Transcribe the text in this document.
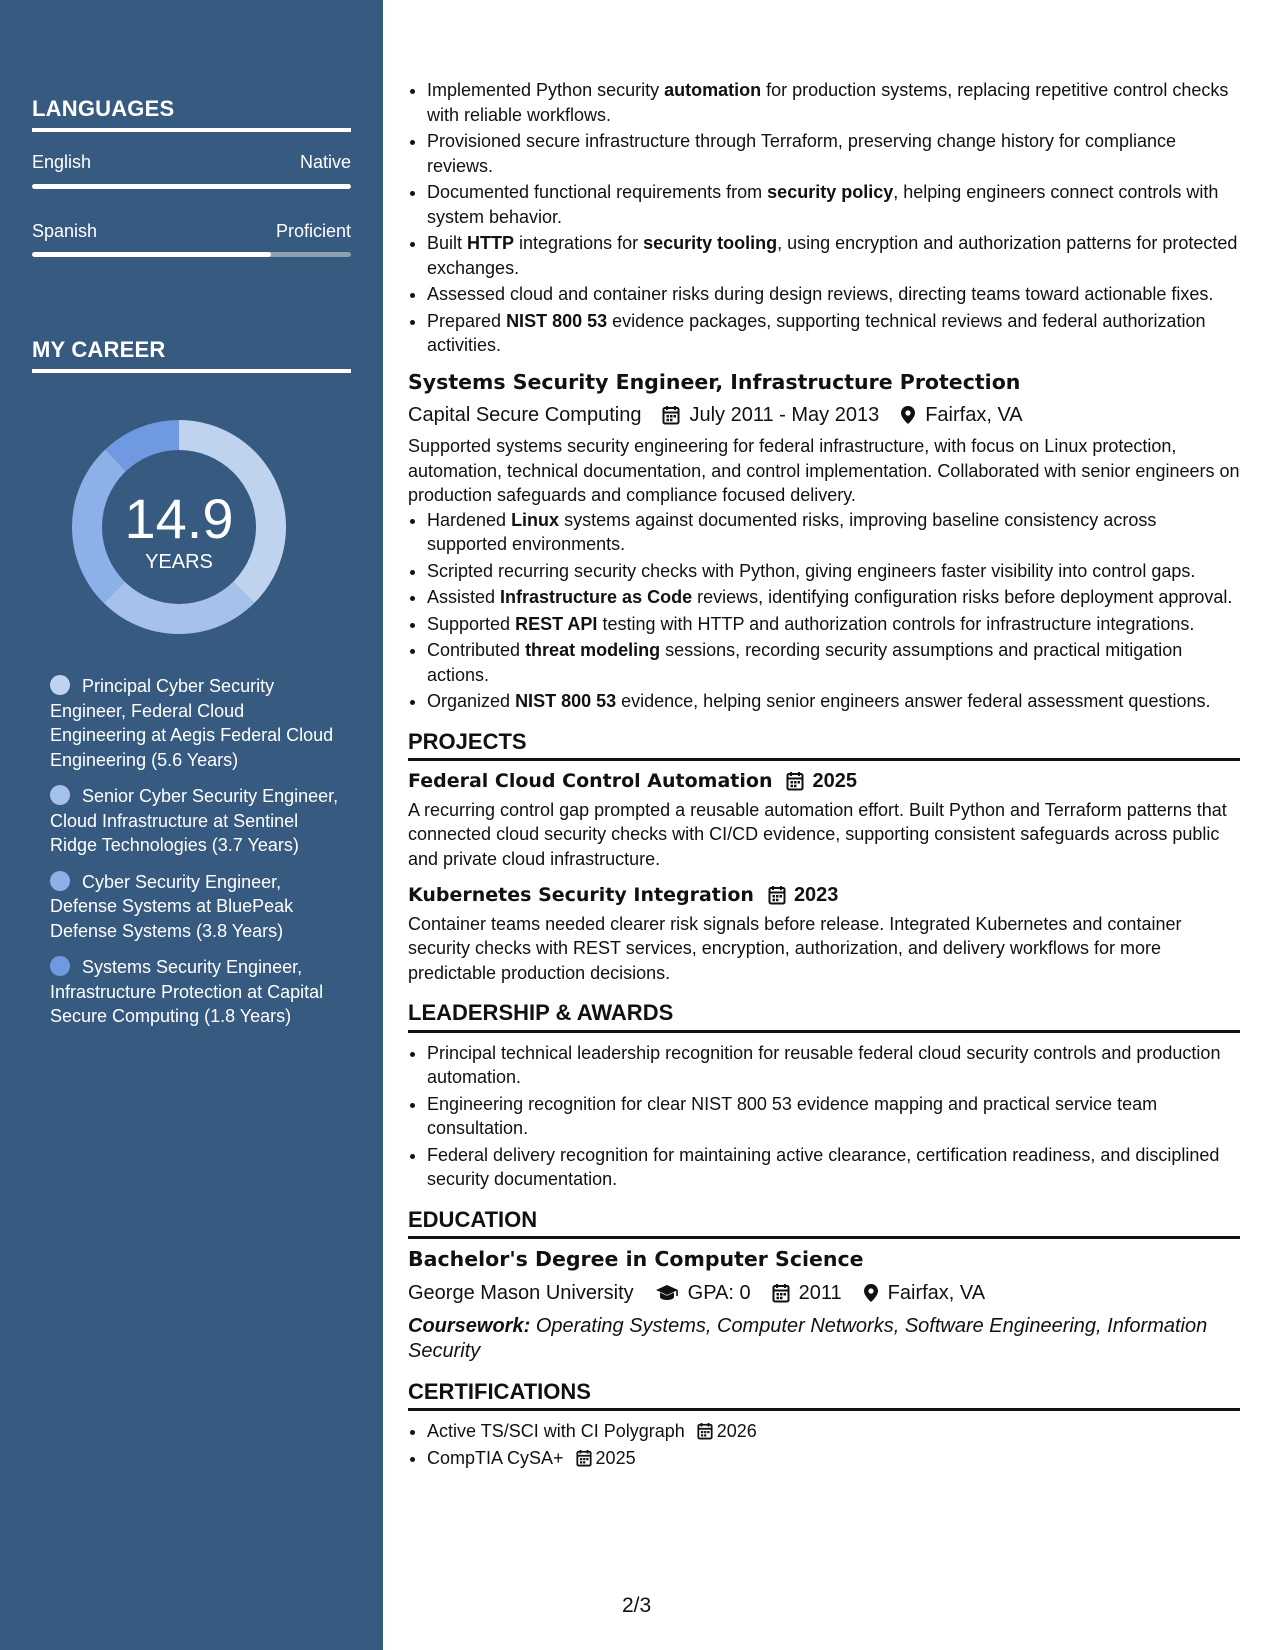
LANGUAGES
English	Native
Spanish	Proficient
MY CAREER
14.9
YEARS
Principal Cyber Security Engineer, Federal Cloud Engineering at Aegis Federal Cloud Engineering (5.6 Years)
Senior Cyber Security Engineer, Cloud Infrastructure at Sentinel Ridge Technologies (3.7 Years)
Cyber Security Engineer, Defense Systems at BluePeak Defense Systems (3.8 Years)
Systems Security Engineer, Infrastructure Protection at Capital Secure Computing (1.8 Years)
• Implemented Python security automation for production systems, replacing repetitive control checks with reliable workflows.
• Provisioned secure infrastructure through Terraform, preserving change history for compliance reviews.
• Documented functional requirements from security policy, helping engineers connect controls with system behavior.
• Built HTTP integrations for security tooling, using encryption and authorization patterns for protected exchanges.
• Assessed cloud and container risks during design reviews, directing teams toward actionable fixes.
• Prepared NIST 800 53 evidence packages, supporting technical reviews and federal authorization activities.
Systems Security Engineer, Infrastructure Protection
Capital Secure Computing July 2011 - May 2013 Fairfax, VA
Supported systems security engineering for federal infrastructure, with focus on Linux protection, automation, technical documentation, and control implementation. Collaborated with senior engineers on production safeguards and compliance focused delivery.
• Hardened Linux systems against documented risks, improving baseline consistency across supported environments.
• Scripted recurring security checks with Python, giving engineers faster visibility into control gaps.
• Assisted Infrastructure as Code reviews, identifying configuration risks before deployment approval.
• Supported REST API testing with HTTP and authorization controls for infrastructure integrations.
• Contributed threat modeling sessions, recording security assumptions and practical mitigation actions.
• Organized NIST 800 53 evidence, helping senior engineers answer federal assessment questions.
PROJECTS
Federal Cloud Control Automation 2025
A recurring control gap prompted a reusable automation effort. Built Python and Terraform patterns that connected cloud security checks with CI/CD evidence, supporting consistent safeguards across public and private cloud infrastructure.
Kubernetes Security Integration 2023
Container teams needed clearer risk signals before release. Integrated Kubernetes and container security checks with REST services, encryption, authorization, and delivery workflows for more predictable production decisions.
LEADERSHIP & AWARDS
• Principal technical leadership recognition for reusable federal cloud security controls and production automation.
• Engineering recognition for clear NIST 800 53 evidence mapping and practical service team consultation.
• Federal delivery recognition for maintaining active clearance, certification readiness, and disciplined security documentation.
EDUCATION
Bachelor's Degree in Computer Science
George Mason University	GPA: 0 2011 Fairfax, VA
Coursework: Operating Systems, Computer Networks, Software Engineering, Information Security
CERTIFICATIONS
• Active TS/SCI with CI Polygraph 2026
• CompTIA CySA+ 2025
2/3
